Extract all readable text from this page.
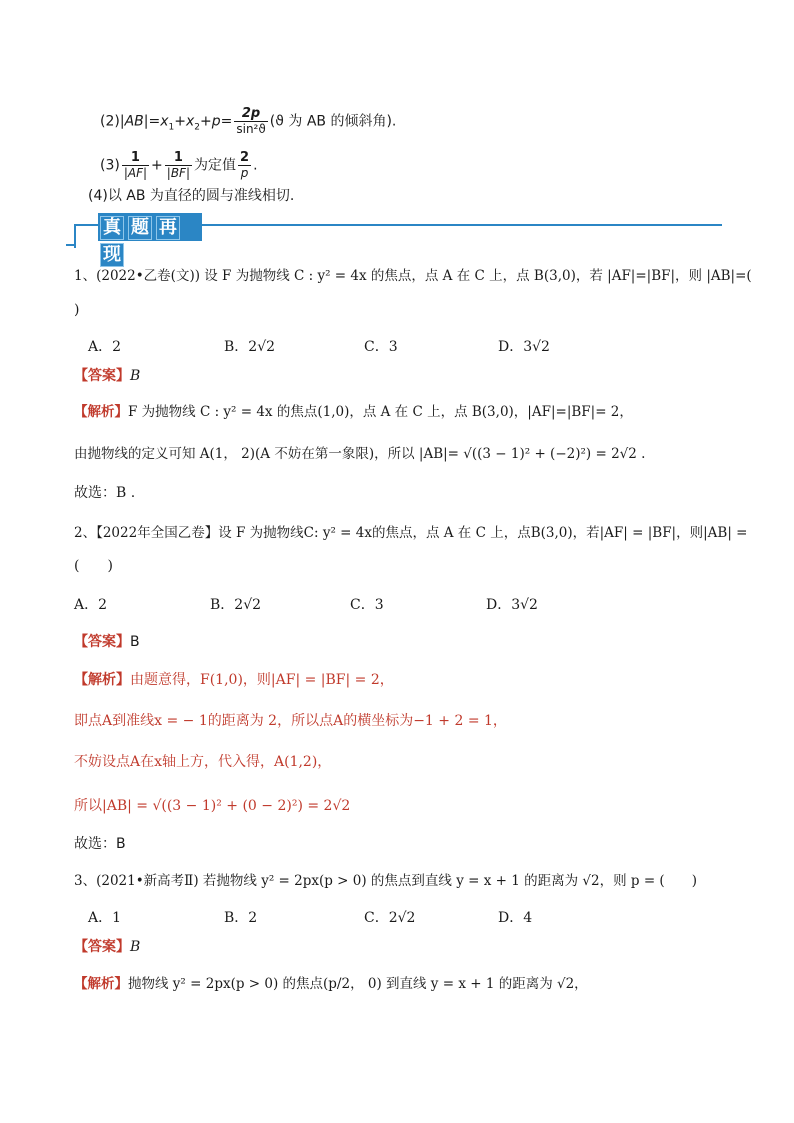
$(2)|AB|=x_1+x_2+p= \frac{2p}{\text{sin²ϑ}} (ϑ$ 为 AB 的倾斜角).
$(3) \frac{1}{|AF|} + \frac{1}{|BF|}$ 为定值 $\frac{2}{p}$ .
(4)以 AB 为直径的圆与准线相切.
真 题 再
现
1、(2022•乙卷(文)) 设 F 为抛物线 C : y² = 4x 的焦点，点 A 在 C 上，点 B(3,0)，若 |AF|=|BF|，则 |AB|=(
)
A．2	B．2√2	C．3	D．3√2
【答案】B
【解析】F 为抛物线 C : y² = 4x 的焦点(1,0)，点 A 在 C 上，点 B(3,0)，|AF|=|BF|= 2，
由抛物线的定义可知 A(1， 2)(A 不妨在第一象限)，所以 |AB|= √((3 − 1)² + (−2)²) = 2√2 .
故选：B .
2、【2022年全国乙卷】设 F 为抛物线C: y² = 4x的焦点，点 A 在 C 上，点B(3,0)，若|AF| = |BF|，则|AB| =
(　　)
A．2	B．2√2	C．3	D．3√2
【答案】B
【解析】由题意得，F(1,0)，则|AF| = |BF| = 2，
即点A到准线x = − 1的距离为 2，所以点A的横坐标为−1 + 2 = 1，
不妨设点A在x轴上方，代入得，A(1,2)，
所以|AB| = √((3 − 1)² + (0 − 2)²) = 2√2
故选：B
3、(2021•新高考Ⅱ) 若抛物线 y² = 2px(p > 0) 的焦点到直线 y = x + 1 的距离为 √2，则 p = (　　)
A．1	B．2	C．2√2	D．4
【答案】B
【解析】抛物线 y² = 2px(p > 0) 的焦点(p/2， 0) 到直线 y = x + 1 的距离为 √2，
